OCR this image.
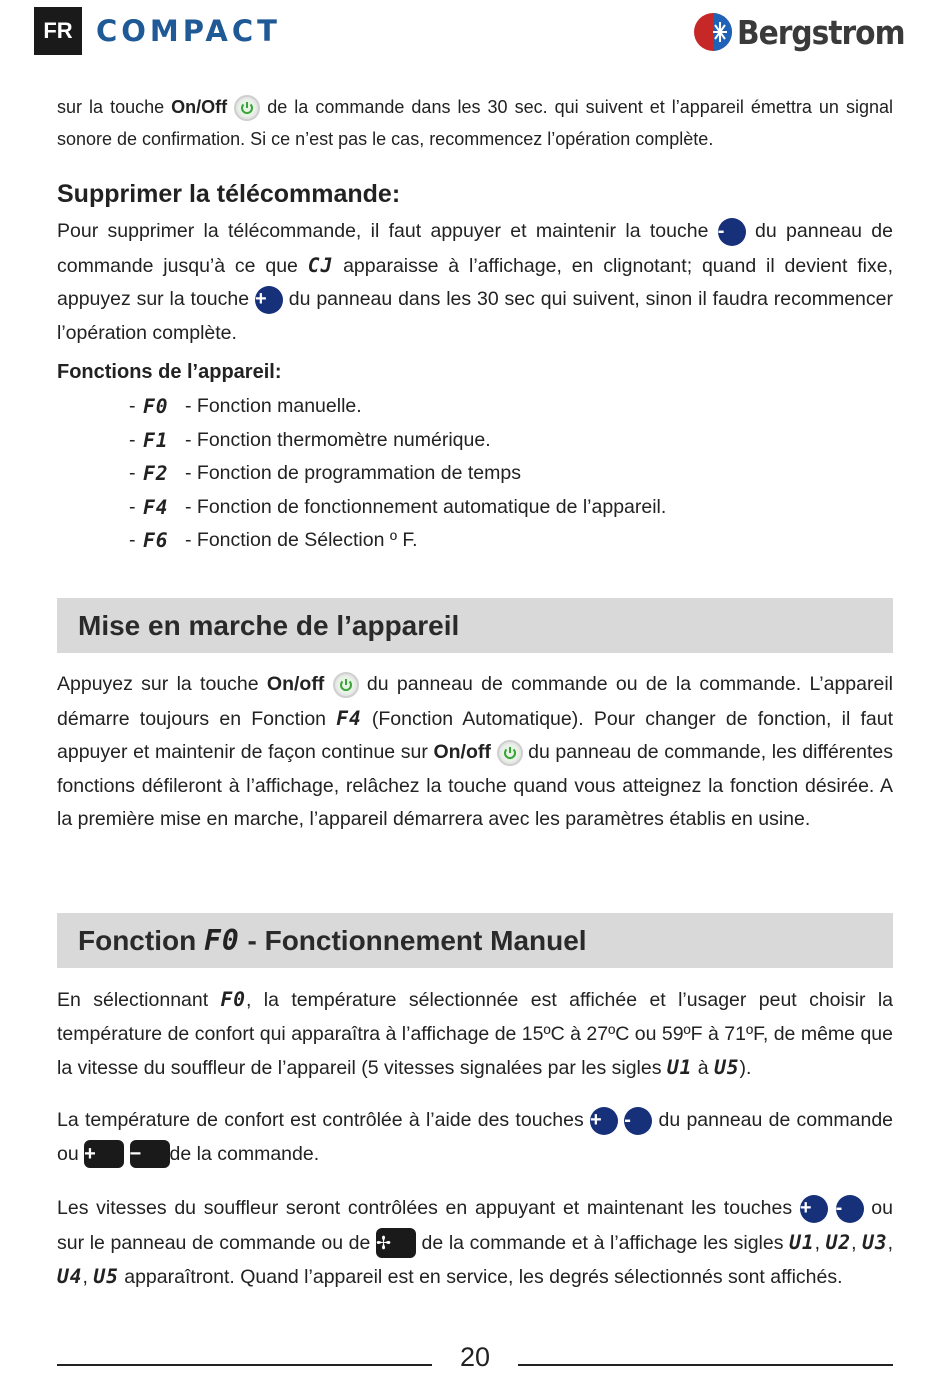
FR COMPACT	Bergstrom
sur la touche On/Off
de la commande dans les 30 sec. qui suivent et l’appareil émettra un signal sonore de confirmation. Si ce n’est pas le cas, recommencez l’opération complète.
Supprimer la télécommande:
Pour supprimer la télécommande, il faut appuyer et maintenir la touche - du panneau de commande jusqu’à ce que CJ apparaisse à l’affichage, en clignotant; quand il devient fixe, appuyez sur la touche + du panneau dans les 30 sec qui suivent, sinon il faudra recommencer l’opération complète.
Fonctions de l’appareil:
- F0 - Fonction manuelle.
- F1 - Fonction thermomètre numérique.
- F2 - Fonction de programmation de temps
- F4 - Fonction de fonctionnement automatique de l’appareil.
- F6 - Fonction de Sélection º F.
Mise en marche de l’appareil
Appuyez sur la touche On/off
du panneau de commande ou de la commande. L’appareil démarre toujours en Fonction F4 (Fonction Automatique). Pour changer de fonction, il faut appuyer et maintenir de façon continue sur On/off
du panneau de commande, les différentes fonctions défileront à l’affichage, relâchez la touche quand vous atteignez la fonction désirée. A la première mise en marche, l’appareil démarrera avec les paramètres établis en usine.
Fonction F0 - Fonctionnement Manuel
En sélectionnant F0, la température sélectionnée est affichée et l’usager peut choisir la température de confort qui apparaîtra à l’affichage de 15ºC à 27ºC ou 59ºF à 71ºF, de même que la vitesse du souffleur de l’appareil (5 vitesses signalées par les sigles U1 à U5).
La température de confort est contrôlée à l’aide des touches + - du panneau de commande ou + − de la commande.
Les vitesses du souffleur seront contrôlées en appuyant et maintenant les touches + - ou sur le panneau de commande ou de ✢ de la commande et à l’affichage les sigles U1, U2, U3, U4, U5 apparaîtront. Quand l’appareil est en service, les degrés sélectionnés sont affichés.
20
